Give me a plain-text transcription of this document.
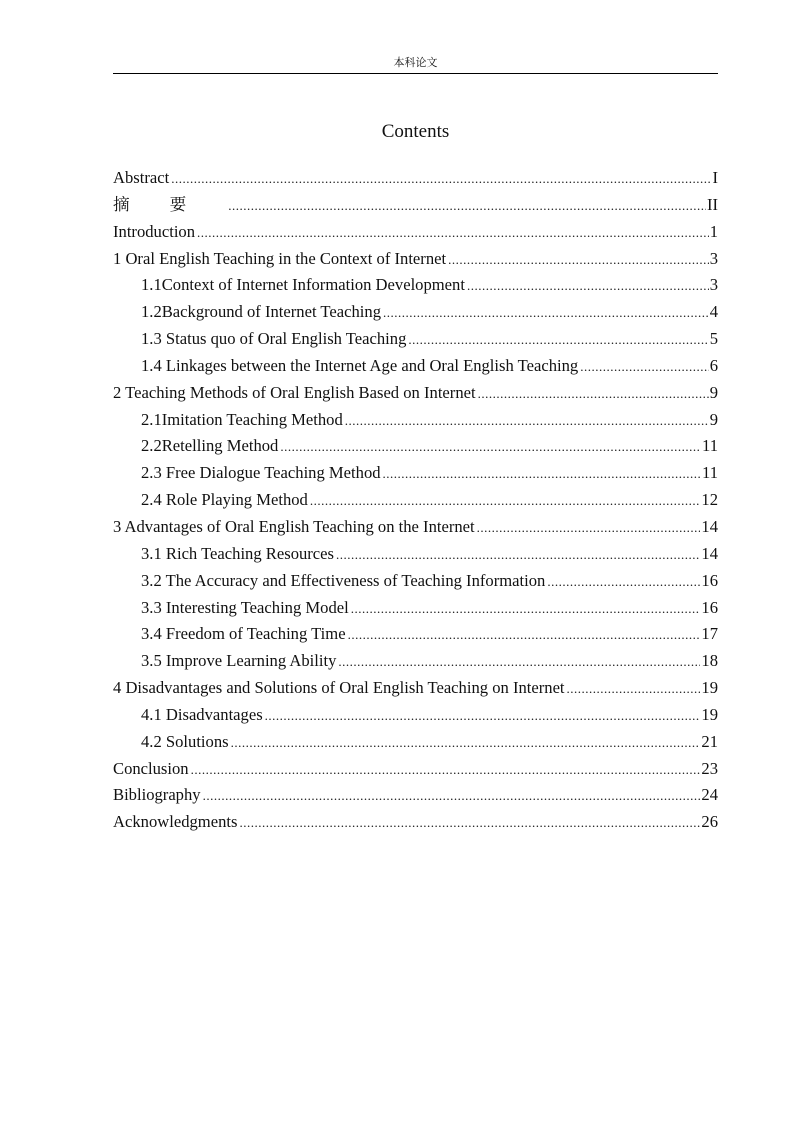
本科论文
Contents
Abstract .....	I
摘要 .....	II
Introduction .....	1
1 Oral English Teaching in the Context of Internet .....	3
1.1Context of Internet Information Development .....	3
1.2Background of Internet Teaching .....	4
1.3 Status quo of Oral English Teaching .....	5
1.4 Linkages between the Internet Age and Oral English Teaching .....	6
2 Teaching Methods of Oral English Based on Internet .....	9
2.1Imitation Teaching Method .....	9
2.2Retelling Method .....	11
2.3 Free Dialogue Teaching Method .....	11
2.4 Role Playing Method .....	12
3 Advantages of Oral English Teaching on the Internet .....	14
3.1 Rich Teaching Resources .....	14
3.2 The Accuracy and Effectiveness of Teaching Information .....	16
3.3 Interesting Teaching Model .....	16
3.4 Freedom of Teaching Time .....	17
3.5 Improve Learning Ability .....	18
4 Disadvantages and Solutions of Oral English Teaching on Internet .....	19
4.1 Disadvantages .....	19
4.2 Solutions .....	21
Conclusion .....	23
Bibliography .....	24
Acknowledgments .....	26
